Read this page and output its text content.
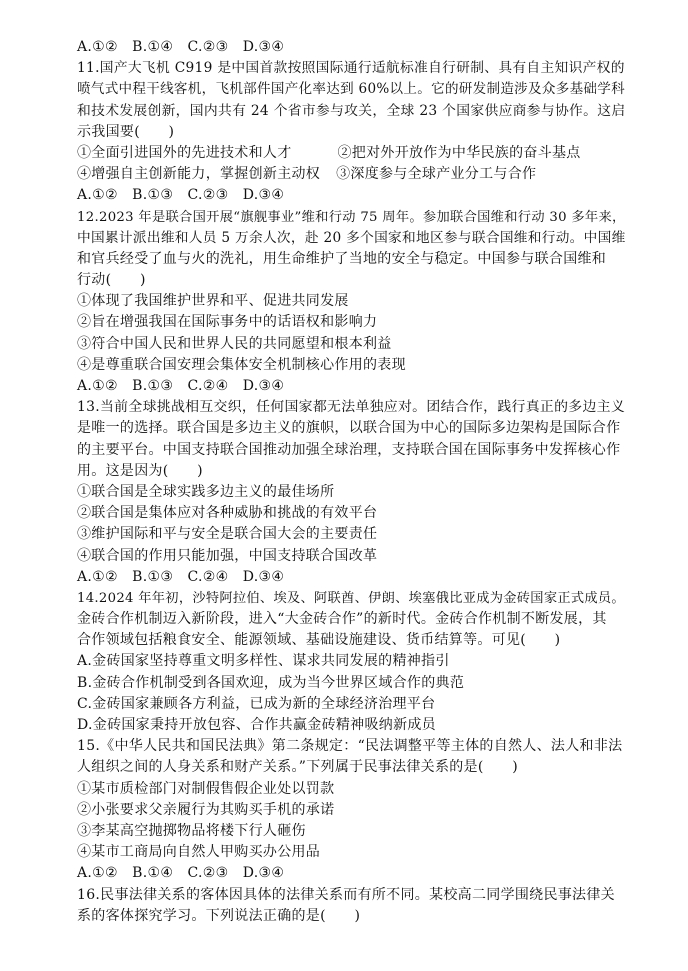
A.①②　B.①④　C.②③　D.③④
11.国产大飞机 C919 是中国首款按照国际通行适航标准自行研制、具有自主知识产权的
喷气式中程干线客机，飞机部件国产化率达到 60%以上。它的研发制造涉及众多基础学科
和技术发展创新，国内共有 24 个省市参与攻关，全球 23 个国家供应商参与协作。这启
示我国要(　　)
①全面引进国外的先进技术和人才	②把对外开放作为中华民族的奋斗基点
④增强自主创新能力，掌握创新主动权 ③深度参与全球产业分工与合作
A.①②　B.①③　C.②③　D.③④
12.2023 年是联合国开展“旗舰事业”维和行动 75 周年。参加联合国维和行动 30 多年来，
中国累计派出维和人员 5 万余人次，赴 20 多个国家和地区参与联合国维和行动。中国维
和官兵经受了血与火的洗礼，用生命维护了当地的安全与稳定。中国参与联合国维和
行动(　　)
①体现了我国维护世界和平、促进共同发展
②旨在增强我国在国际事务中的话语权和影响力
③符合中国人民和世界人民的共同愿望和根本利益
④是尊重联合国安理会集体安全机制核心作用的表现
A.①②　B.①③　C.②④　D.③④
13.当前全球挑战相互交织，任何国家都无法单独应对。团结合作，践行真正的多边主义
是唯一的选择。联合国是多边主义的旗帜，以联合国为中心的国际多边架构是国际合作
的主要平台。中国支持联合国推动加强全球治理，支持联合国在国际事务中发挥核心作
用。这是因为(　　)
①联合国是全球实践多边主义的最佳场所
②联合国是集体应对各种威胁和挑战的有效平台
③维护国际和平与安全是联合国大会的主要责任
④联合国的作用只能加强，中国支持联合国改革
A.①②　B.①③　C.②④　D.③④
14.2024 年年初，沙特阿拉伯、埃及、阿联酋、伊朗、埃塞俄比亚成为金砖国家正式成员。
金砖合作机制迈入新阶段，进入“大金砖合作”的新时代。金砖合作机制不断发展，其
合作领域包括粮食安全、能源领域、基础设施建设、货币结算等。可见(　　)
A.金砖国家坚持尊重文明多样性、谋求共同发展的精神指引
B.金砖合作机制受到各国欢迎，成为当今世界区域合作的典范
C.金砖国家兼顾各方利益，已成为新的全球经济治理平台
D.金砖国家秉持开放包容、合作共赢金砖精神吸纳新成员
15.《中华人民共和国民法典》第二条规定：“民法调整平等主体的自然人、法人和非法
人组织之间的人身关系和财产关系。”下列属于民事法律关系的是(　　)
①某市质检部门对制假售假企业处以罚款
②小张要求父亲履行为其购买手机的承诺
③李某高空抛掷物品将楼下行人砸伤
④某市工商局向自然人甲购买办公用品
A.①②　B.①④　C.②③　D.③④
16.民事法律关系的客体因具体的法律关系而有所不同。某校高二同学围绕民事法律关
系的客体探究学习。下列说法正确的是(　　)
